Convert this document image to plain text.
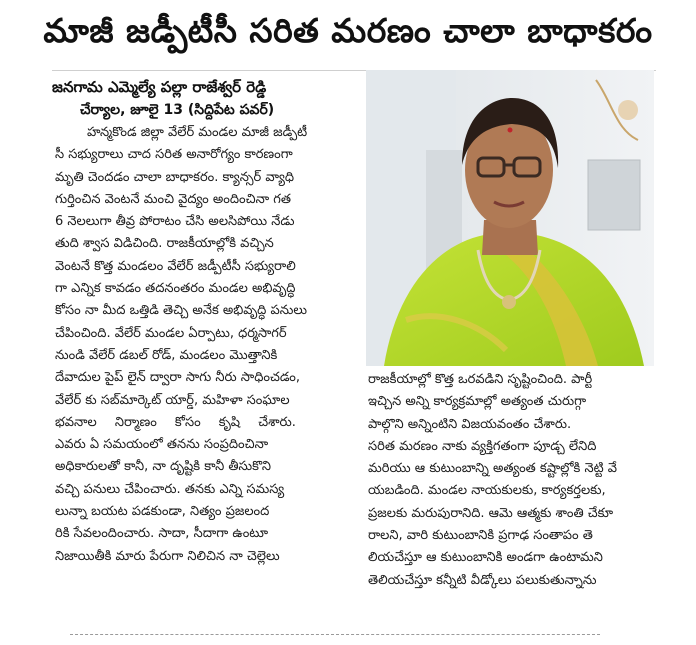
మాజీ జడ్పీటీసీ సరిత మరణం చాలా బాధాకరం
జనగామ ఎమ్మెల్యే పల్లా రాజేశ్వర్ రెడ్డి
చేర్యాల, జూలై 13 (సిద్దిపేట పవర్)
హన్మకొండ జిల్లా వేలేర్ మండల మాజీ జడ్పీటీ
సీ సభ్యురాలు చాద సరిత అనారోగ్యం కారణంగా
మృతి చెందడం చాలా బాధాకరం. క్యాన్సర్ వ్యాధి
గుర్తించిన వెంటనే మంచి వైద్యం అందించినా గత
6 నెలలుగా తీవ్ర పోరాటం చేసి అలసిపోయి నేడు
తుది శ్వాస విడిచింది. రాజకీయాల్లోకి వచ్చిన
వెంటనే కొత్త మండలం వేలేర్ జడ్పీటీసీ సభ్యురాలి
గా ఎన్నిక కావడం తదనంతరం మండల అభివృద్ధి
కోసం నా మీద ఒత్తిడి తెచ్చి అనేక అభివృద్ధి పనులు
చేపించింది. వేలేర్ మండల ఏర్పాటు, ధర్మసాగర్
నుండి వేలేర్ డబల్ రోడ్, మండలం మొత్తానికి
దేవాదుల పైప్ లైన్ ద్వారా సాగు నీరు సాధించడం,
వేలేర్ కు సబ్‌మార్కెట్ యార్డ్, మహిళా సంఘాల
భవనాల నిర్మాణం కోసం కృషి చేశారు.
ఎవరు ఏ సమయంలో తనను సంప్రదించినా
అధికారులతో కానీ, నా దృష్టికి కానీ తీసుకొని
వచ్చి పనులు చేపించారు. తనకు ఎన్ని సమస్య
లున్నా బయట పడకుండా, నిత్యం ప్రజలంద
రికి సేవలందించారు. సాదా, సీదాగా ఉంటూ
నిజాయితీకి మారు పేరుగా నిలిచిన నా చెల్లెలు
రాజకీయాల్లో కొత్త ఒరవడిని సృష్టించింది. పార్టీ
ఇచ్చిన అన్ని కార్యక్రమాల్లో అత్యంత చురుగ్గా
పాల్గొని అన్నింటిని విజయవంతం చేశారు.
సరిత మరణం నాకు వ్యక్తిగతంగా పూడ్చ లేనిది
మరియు ఆ కుటుంబాన్ని అత్యంత కష్టాల్లోకి నెట్టి వే
యబడింది. మండల నాయకులకు, కార్యకర్తలకు,
ప్రజలకు మరుపురానిది. ఆమె ఆత్మకు శాంతి చేకూ
రాలని, వారి కుటుంబానికి ప్రగాఢ సంతాపం తె
లియచేస్తూ ఆ కుటుంబానికి అండగా ఉంటామని
తెలియచేస్తూ కన్నీటి వీడ్కోలు పలుకుతున్నాను
